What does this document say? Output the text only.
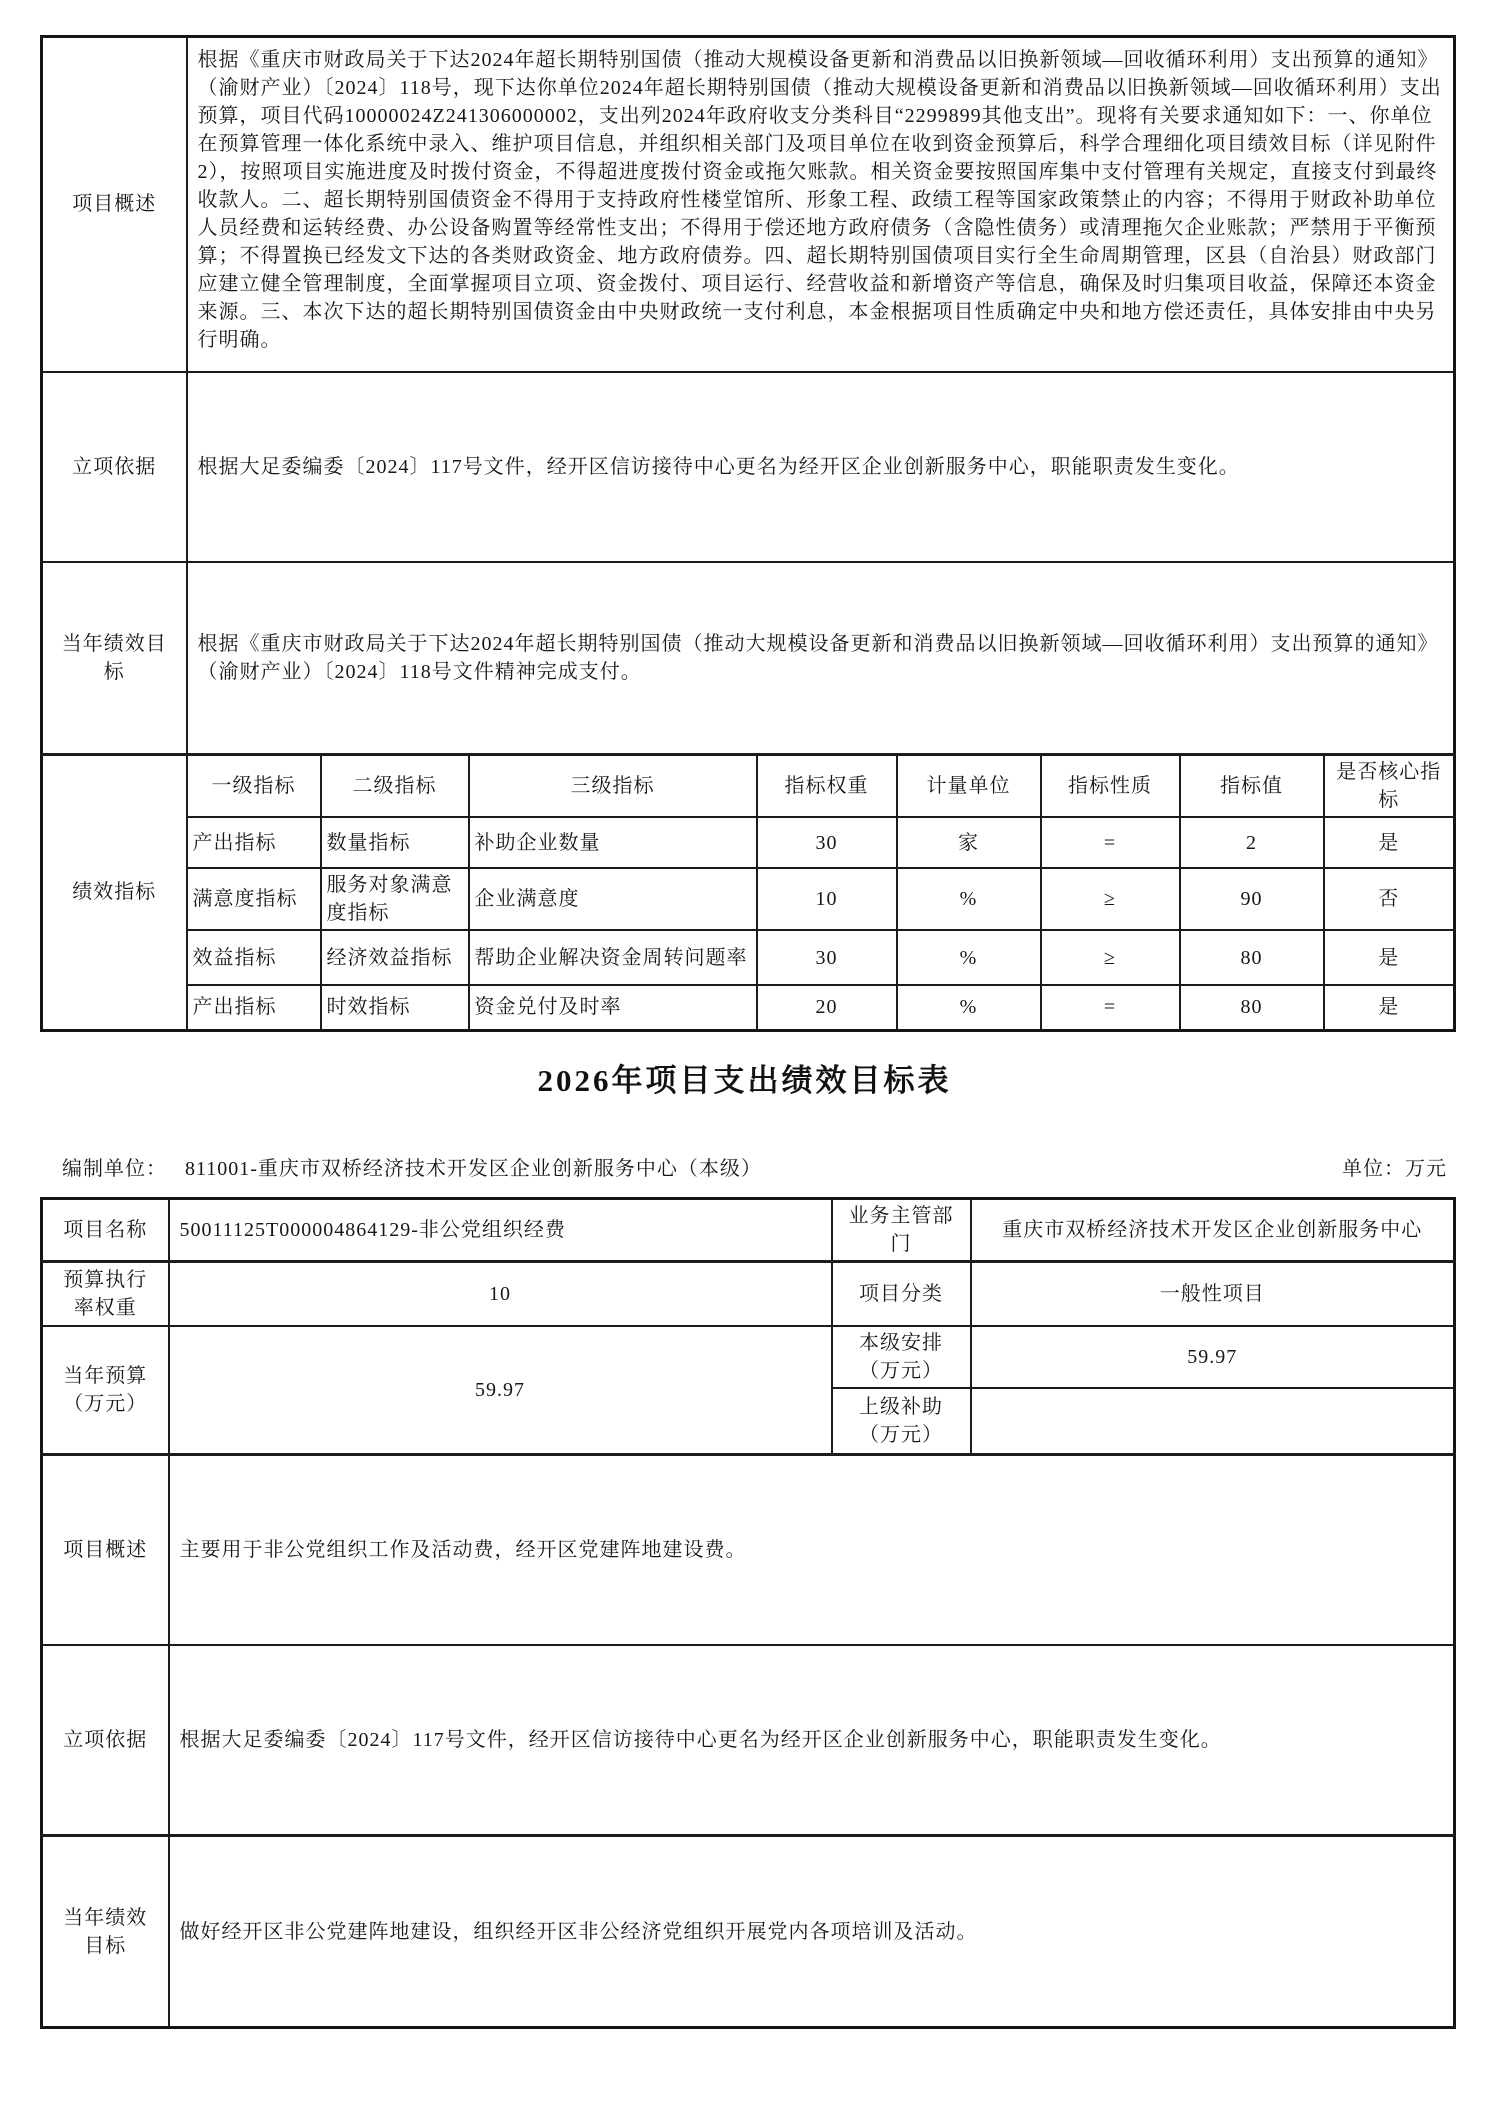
项目概述	根据《重庆市财政局关于下达2024年超长期特别国债（推动大规模设备更新和消费品以旧换新领域—回收循环利用）支出预算的通知》（渝财产业）〔2024〕118号，现下达你单位2024年超长期特别国债（推动大规模设备更新和消费品以旧换新领域—回收循环利用）支出预算，项目代码10000024Z241306000002，支出列2024年政府收支分类科目“2299899其他支出”。现将有关要求通知如下：一、你单位在预算管理一体化系统中录入、维护项目信息，并组织相关部门及项目单位在收到资金预算后，科学合理细化项目绩效目标（详见附件2），按照项目实施进度及时拨付资金，不得超进度拨付资金或拖欠账款。相关资金要按照国库集中支付管理有关规定，直接支付到最终收款人。二、超长期特别国债资金不得用于支持政府性楼堂馆所、形象工程、政绩工程等国家政策禁止的内容；不得用于财政补助单位人员经费和运转经费、办公设备购置等经常性支出；不得用于偿还地方政府债务（含隐性债务）或清理拖欠企业账款；严禁用于平衡预算；不得置换已经发文下达的各类财政资金、地方政府债券。四、超长期特别国债项目实行全生命周期管理，区县（自治县）财政部门应建立健全管理制度，全面掌握项目立项、资金拨付、项目运行、经营收益和新增资产等信息，确保及时归集项目收益，保障还本资金来源。三、本次下达的超长期特别国债资金由中央财政统一支付利息，本金根据项目性质确定中央和地方偿还责任，具体安排由中央另行明确。							
立项依据	根据大足委编委〔2024〕117号文件，经开区信访接待中心更名为经开区企业创新服务中心，职能职责发生变化。							
当年绩效目标	根据《重庆市财政局关于下达2024年超长期特别国债（推动大规模设备更新和消费品以旧换新领域—回收循环利用）支出预算的通知》（渝财产业）〔2024〕118号文件精神完成支付。							
绩效指标	一级指标	二级指标	三级指标	指标权重	计量单位	指标性质	指标值	是否核心指标
	产出指标	数量指标	补助企业数量	30	家	=	2	是
	满意度指标	服务对象满意度指标	企业满意度	10	%	≥	90	否
	效益指标	经济效益指标	帮助企业解决资金周转问题率	30	%	≥	80	是
	产出指标	时效指标	资金兑付及时率	20	%	=	80	是
2026年项目支出绩效目标表
编制单位： 811001-重庆市双桥经济技术开发区企业创新服务中心（本级）	单位：万元
项目名称	50011125T000004864129-非公党组织经费	业务主管部门	重庆市双桥经济技术开发区企业创新服务中心
预算执行率权重	10	项目分类	一般性项目
当年预算（万元）	59.97	本级安排（万元）	59.97
		上级补助（万元）	
项目概述	主要用于非公党组织工作及活动费，经开区党建阵地建设费。		
立项依据	根据大足委编委〔2024〕117号文件，经开区信访接待中心更名为经开区企业创新服务中心，职能职责发生变化。		
当年绩效目标	做好经开区非公党建阵地建设，组织经开区非公经济党组织开展党内各项培训及活动。		
